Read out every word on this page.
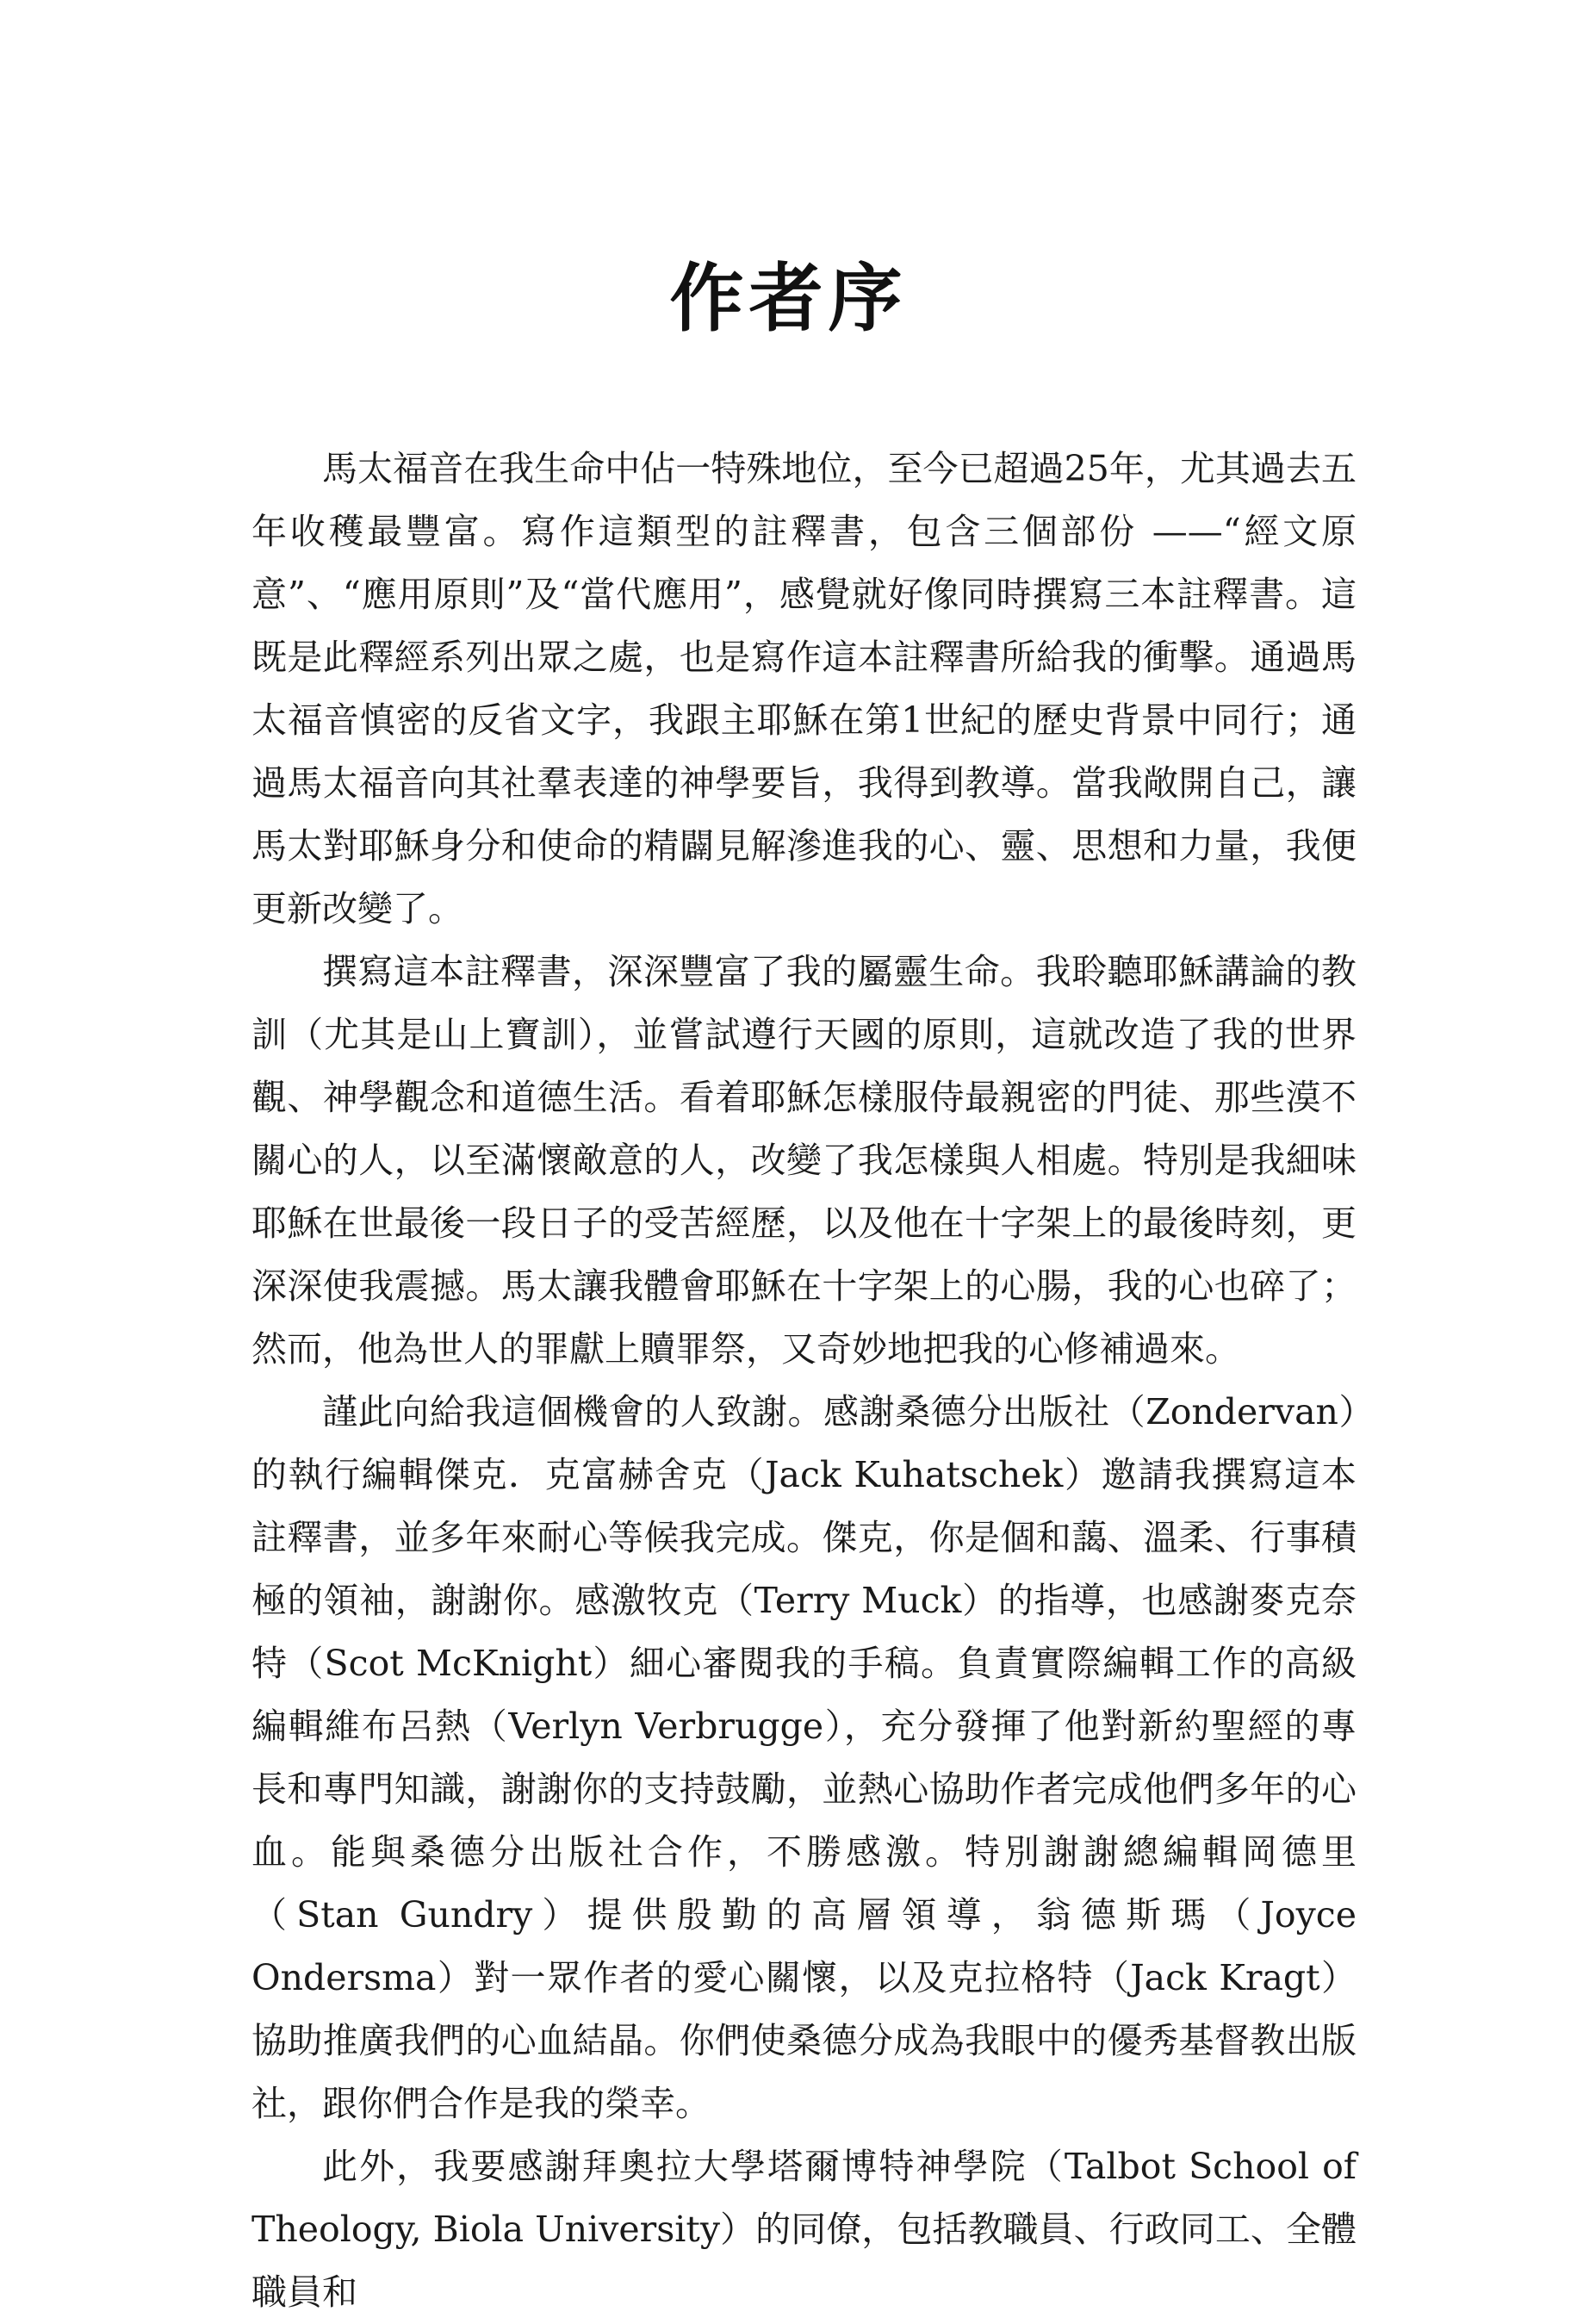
作者序

馬太福音在我生命中佔一特殊地位，至今已超過25年，尤其過去五年收穫最豐富。寫作這類型的註釋書，包含三個部份 ——“經文原意”、“應用原則”及“當代應用”，感覺就好像同時撰寫三本註釋書。這既是此釋經系列出眾之處，也是寫作這本註釋書所給我的衝擊。通過馬太福音慎密的反省文字，我跟主耶穌在第1世紀的歷史背景中同行；通過馬太福音向其社羣表達的神學要旨，我得到教導。當我敞開自己，讓馬太對耶穌身分和使命的精闢見解滲進我的心、靈、思想和力量，我便更新改變了。

撰寫這本註釋書，深深豐富了我的屬靈生命。我聆聽耶穌講論的教訓（尤其是山上寶訓），並嘗試遵行天國的原則，這就改造了我的世界觀、神學觀念和道德生活。看着耶穌怎樣服侍最親密的門徒、那些漠不關心的人，以至滿懷敵意的人，改變了我怎樣與人相處。特別是我細味耶穌在世最後一段日子的受苦經歷，以及他在十字架上的最後時刻，更深深使我震撼。馬太讓我體會耶穌在十字架上的心腸，我的心也碎了；然而，他為世人的罪獻上贖罪祭，又奇妙地把我的心修補過來。

謹此向給我這個機會的人致謝。感謝桑德分出版社（Zondervan）的執行編輯傑克．克富赫舍克（Jack Kuhatschek）邀請我撰寫這本註釋書，並多年來耐心等候我完成。傑克，你是個和藹、溫柔、行事積極的領袖，謝謝你。感激牧克（Terry Muck）的指導，也感謝麥克奈特（Scot McKnight）細心審閱我的手稿。負責實際編輯工作的高級編輯維布呂熱（Verlyn Verbrugge），充分發揮了他對新約聖經的專長和專門知識，謝謝你的支持鼓勵，並熱心協助作者完成他們多年的心血。能與桑德分出版社合作，不勝感激。特別謝謝總編輯岡德里（Stan Gundry）提供殷勤的高層領導，翁德斯瑪（Joyce Ondersma）對一眾作者的愛心關懷，以及克拉格特（Jack Kragt）協助推廣我們的心血結晶。你們使桑德分成為我眼中的優秀基督教出版社，跟你們合作是我的榮幸。

此外，我要感謝拜奧拉大學塔爾博特神學院（Talbot School of Theology, Biola University）的同僚，包括教職員、行政同工、全體職員和
